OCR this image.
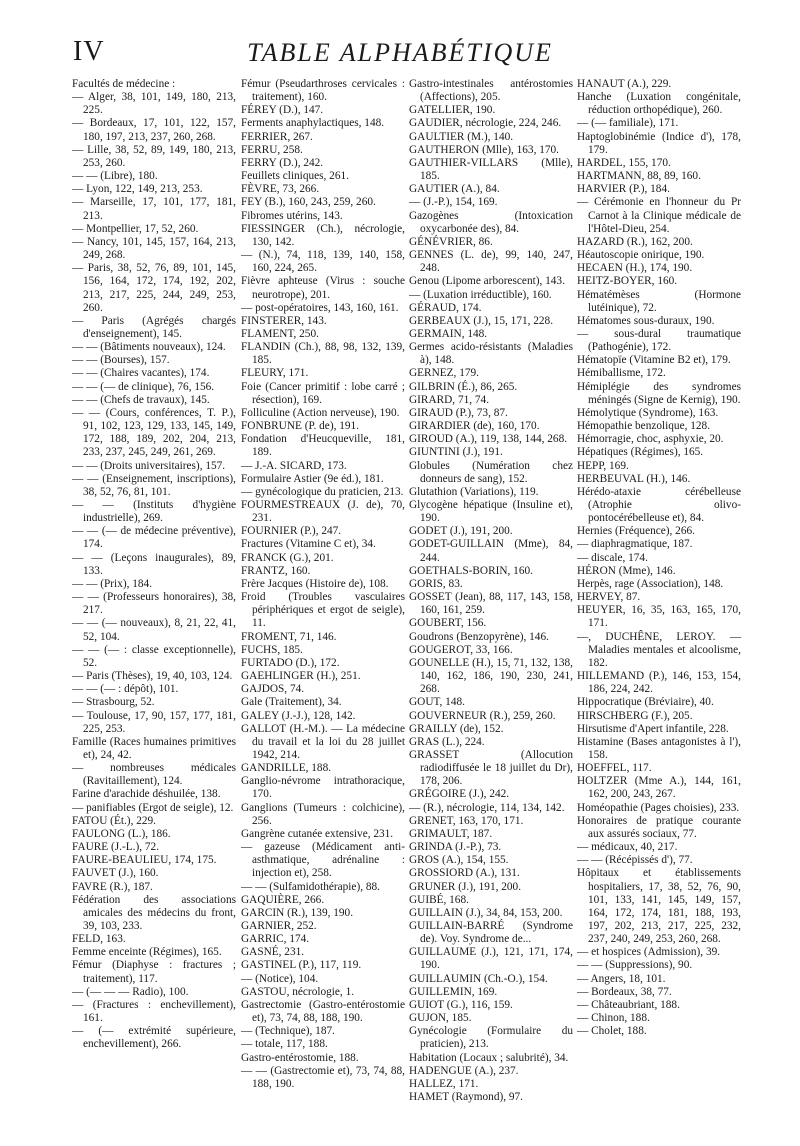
IV	TABLE ALPHABÉTIQUE

Facultés de médecine :

— Alger, 38, 101, 149, 180, 213, 225.

— Bordeaux, 17, 101, 122, 157, 180, 197, 213, 237, 260, 268.

— Lille, 38, 52, 89, 149, 180, 213, 253, 260.

— — (Libre), 180.

— Lyon, 122, 149, 213, 253.

— Marseille, 17, 101, 177, 181, 213.

— Montpellier, 17, 52, 260.

— Nancy, 101, 145, 157, 164, 213, 249, 268.

— Paris, 38, 52, 76, 89, 101, 145, 156, 164, 172, 174, 192, 202, 213, 217, 225, 244, 249, 253, 260.

— Paris (Agrégés chargés d'enseignement), 145.

— — (Bâtiments nouveaux), 124.

— — (Bourses), 157.

— — (Chaires vacantes), 174.

— — (— de clinique), 76, 156.

— — (Chefs de travaux), 145.

— — (Cours, conférences, T. P.), 91, 102, 123, 129, 133, 145, 149, 172, 188, 189, 202, 204, 213, 233, 237, 245, 249, 261, 269.

— — (Droits universitaires), 157.

— — (Enseignement, inscriptions), 38, 52, 76, 81, 101.

— — (Instituts d'hygiène industrielle), 269.

— — (— de médecine préventive), 174.

— — (Leçons inaugurales), 89, 133.

— — (Prix), 184.

— — (Professeurs honoraires), 38, 217.

— — (— nouveaux), 8, 21, 22, 41, 52, 104.

— — (— : classe exceptionnelle), 52.

— Paris (Thèses), 19, 40, 103, 124.

— — (— : dépôt), 101.

— Strasbourg, 52.

— Toulouse, 17, 90, 157, 177, 181, 225, 253.

Famille (Races humaines primitives et), 24, 42.

— nombreuses médicales (Ravitaillement), 124.

Farine d'arachide déshuilée, 138.

— panifiables (Ergot de seigle), 12.

FATOU (Ét.), 229.

FAULONG (L.), 186.

FAURE (J.-L.), 72.

FAURE-BEAULIEU, 174, 175.

FAUVET (J.), 160.

FAVRE (R.), 187.

Fédération des associations amicales des médecins du front, 39, 103, 233.

FELD, 163.

Femme enceinte (Régimes), 165.

Fémur (Diaphyse : fractures ; traitement), 117.

— (— — — Radio), 100.

— (Fractures : enchevillement), 161.

— (— extrémité supérieure, enchevillement), 266.

Fémur (Pseudarthroses cervicales : traitement), 160.

FÉREY (D.), 147.

Ferments anaphylactiques, 148.

FERRIER, 267.

FERRU, 258.

FERRY (D.), 242.

Feuillets cliniques, 261.

FÈVRE, 73, 266.

FEY (B.), 160, 243, 259, 260.

Fibromes utérins, 143.

FIESSINGER (Ch.), nécrologie, 130, 142.

— (N.), 74, 118, 139, 140, 158, 160, 224, 265.

Fièvre aphteuse (Virus : souche neurotrope), 201.

— post-opératoires, 143, 160, 161.

FINSTERER, 143.

FLAMENT, 250.

FLANDIN (Ch.), 88, 98, 132, 139, 185.

FLEURY, 171.

Foie (Cancer primitif : lobe carré ; résection), 169.

Folliculine (Action nerveuse), 190.

FONBRUNE (P. de), 191.

Fondation d'Heucqueville, 181, 189.

— J.-A. SICARD, 173.

Formulaire Astier (9e éd.), 181.

— gynécologique du praticien, 213.

FOURMESTREAUX (J. de), 70, 231.

FOURNIER (P.), 247.

Fractures (Vitamine C et), 34.

FRANCK (G.), 201.

FRANTZ, 160.

Frère Jacques (Histoire de), 108.

Froid (Troubles vasculaires périphériques et ergot de seigle), 11.

FROMENT, 71, 146.

FUCHS, 185.

FURTADO (D.), 172.

GAEHLINGER (H.), 251.

GAJDOS, 74.

Gale (Traitement), 34.

GALEY (J.-J.), 128, 142.

GALLOT (H.-M.). — La médecine du travail et la loi du 28 juillet 1942, 214.

GANDRILLE, 188.

Ganglio-névrome intrathoracique, 170.

Ganglions (Tumeurs : colchicine), 256.

Gangrène cutanée extensive, 231.

— gazeuse (Médicament anti-asthmatique, adrénaline : injection et), 258.

— — (Sulfamidothérapie), 88.

GAQUIÈRE, 266.

GARCIN (R.), 139, 190.

GARNIER, 252.

GARRIC, 174.

GASNÉ, 231.

GASTINEL (P.), 117, 119.

— (Notice), 104.

GASTOU, nécrologie, 1.

Gastrectomie (Gastro-entérostomie et), 73, 74, 88, 188, 190.

— (Technique), 187.

— totale, 117, 188.

Gastro-entérostomie, 188.

— — (Gastrectomie et), 73, 74, 88, 188, 190.

Gastro-intestinales antérostomies (Affections), 205.

GATELLIER, 190.

GAUDIER, nécrologie, 224, 246.

GAULTIER (M.), 140.

GAUTHERON (Mlle), 163, 170.

GAUTHIER-VILLARS (Mlle), 185.

GAUTIER (A.), 84.

— (J.-P.), 154, 169.

Gazogènes (Intoxication oxycarbonée des), 84.

GÉNÉVRIER, 86.

GENNES (L. de), 99, 140, 247, 248.

Genou (Lipome arborescent), 143.

— (Luxation irréductible), 160.

GÉRAUD, 174.

GERBEAUX (J.), 15, 171, 228.

GERMAIN, 148.

Germes acido-résistants (Maladies à), 148.

GERNEZ, 179.

GILBRIN (É.), 86, 265.

GIRARD, 71, 74.

GIRAUD (P.), 73, 87.

GIRARDIER (de), 160, 170.

GIROUD (A.), 119, 138, 144, 268.

GIUNTINI (J.), 191.

Globules (Numération chez donneurs de sang), 152.

Glutathion (Variations), 119.

Glycogène hépatique (Insuline et), 190.

GODET (J.), 191, 200.

GODET-GUILLAIN (Mme), 84, 244.

GOETHALS-BORIN, 160.

GORIS, 83.

GOSSET (Jean), 88, 117, 143, 158, 160, 161, 259.

GOUBERT, 156.

Goudrons (Benzopyrène), 146.

GOUGEROT, 33, 166.

GOUNELLE (H.), 15, 71, 132, 138, 140, 162, 186, 190, 230, 241, 268.

GOUT, 148.

GOUVERNEUR (R.), 259, 260.

GRAILLY (de), 152.

GRAS (L.), 224.

GRASSET (Allocution radiodiffusée le 18 juillet du Dr), 178, 206.

GRÉGOIRE (J.), 242.

— (R.), nécrologie, 114, 134, 142.

GRENET, 163, 170, 171.

GRIMAULT, 187.

GRINDA (J.-P.), 73.

GROS (A.), 154, 155.

GROSSIORD (A.), 131.

GRUNER (J.), 191, 200.

GUIBÉ, 168.

GUILLAIN (J.), 34, 84, 153, 200.

GUILLAIN-BARRÉ (Syndrome de). Voy. Syndrome de...

GUILLAUME (J.), 121, 171, 174, 190.

GUILLAUMIN (Ch.-O.), 154.

GUILLEMIN, 169.

GUIOT (G.), 116, 159.

GUJON, 185.

Gynécologie (Formulaire du praticien), 213.

Habitation (Locaux ; salubrité), 34.

HADENGUE (A.), 237.

HALLEZ, 171.

HAMET (Raymond), 97.

HANAUT (A.), 229.

Hanche (Luxation congénitale, réduction orthopédique), 260.

— (— familiale), 171.

Haptoglobinémie (Indice d'), 178, 179.

HARDEL, 155, 170.

HARTMANN, 88, 89, 160.

HARVIER (P.), 184.

— Cérémonie en l'honneur du Pr Carnot à la Clinique médicale de l'Hôtel-Dieu, 254.

HAZARD (R.), 162, 200.

Héautoscopie onirique, 190.

HECAEN (H.), 174, 190.

HEITZ-BOYER, 160.

Hématémèses (Hormone lutéinique), 72.

Hématomes sous-duraux, 190.

— sous-dural traumatique (Pathogénie), 172.

Hématopïe (Vitamine B2 et), 179.

Hémiballisme, 172.

Hémiplégie des syndromes méningés (Signe de Kernig), 190.

Hémolytique (Syndrome), 163.

Hémopathie benzolique, 128.

Hémorragie, choc, asphyxie, 20.

Hépatiques (Régimes), 165.

HEPP, 169.

HERBEUVAL (H.), 146.

Hérédo-ataxie cérébelleuse (Atrophie olivo-pontocérébelleuse et), 84.

Hernies (Fréquence), 266.

— diaphragmatique, 187.

— discale, 174.

HÉRON (Mme), 146.

Herpès, rage (Association), 148.

HERVEY, 87.

HEUYER, 16, 35, 163, 165, 170, 171.

—, DUCHÊNE, LEROY. — Maladies mentales et alcoolisme, 182.

HILLEMAND (P.), 146, 153, 154, 186, 224, 242.

Hippocratique (Bréviaire), 40.

HIRSCHBERG (F.), 205.

Hirsutisme d'Apert infantile, 228.

Histamine (Bases antagonistes à l'), 158.

HOEFFEL, 117.

HOLTZER (Mme A.), 144, 161, 162, 200, 243, 267.

Homéopathie (Pages choisies), 233.

Honoraires de pratique courante aux assurés sociaux, 77.

— médicaux, 40, 217.

— — (Récépissés d'), 77.

Hôpitaux et établissements hospitaliers, 17, 38, 52, 76, 90, 101, 133, 141, 145, 149, 157, 164, 172, 174, 181, 188, 193, 197, 202, 213, 217, 225, 232, 237, 240, 249, 253, 260, 268.

— et hospices (Admission), 39.

— — (Suppressions), 90.

— Angers, 18, 101.

— Bordeaux, 38, 77.

— Châteaubriant, 188.

— Chinon, 188.

— Cholet, 188.
